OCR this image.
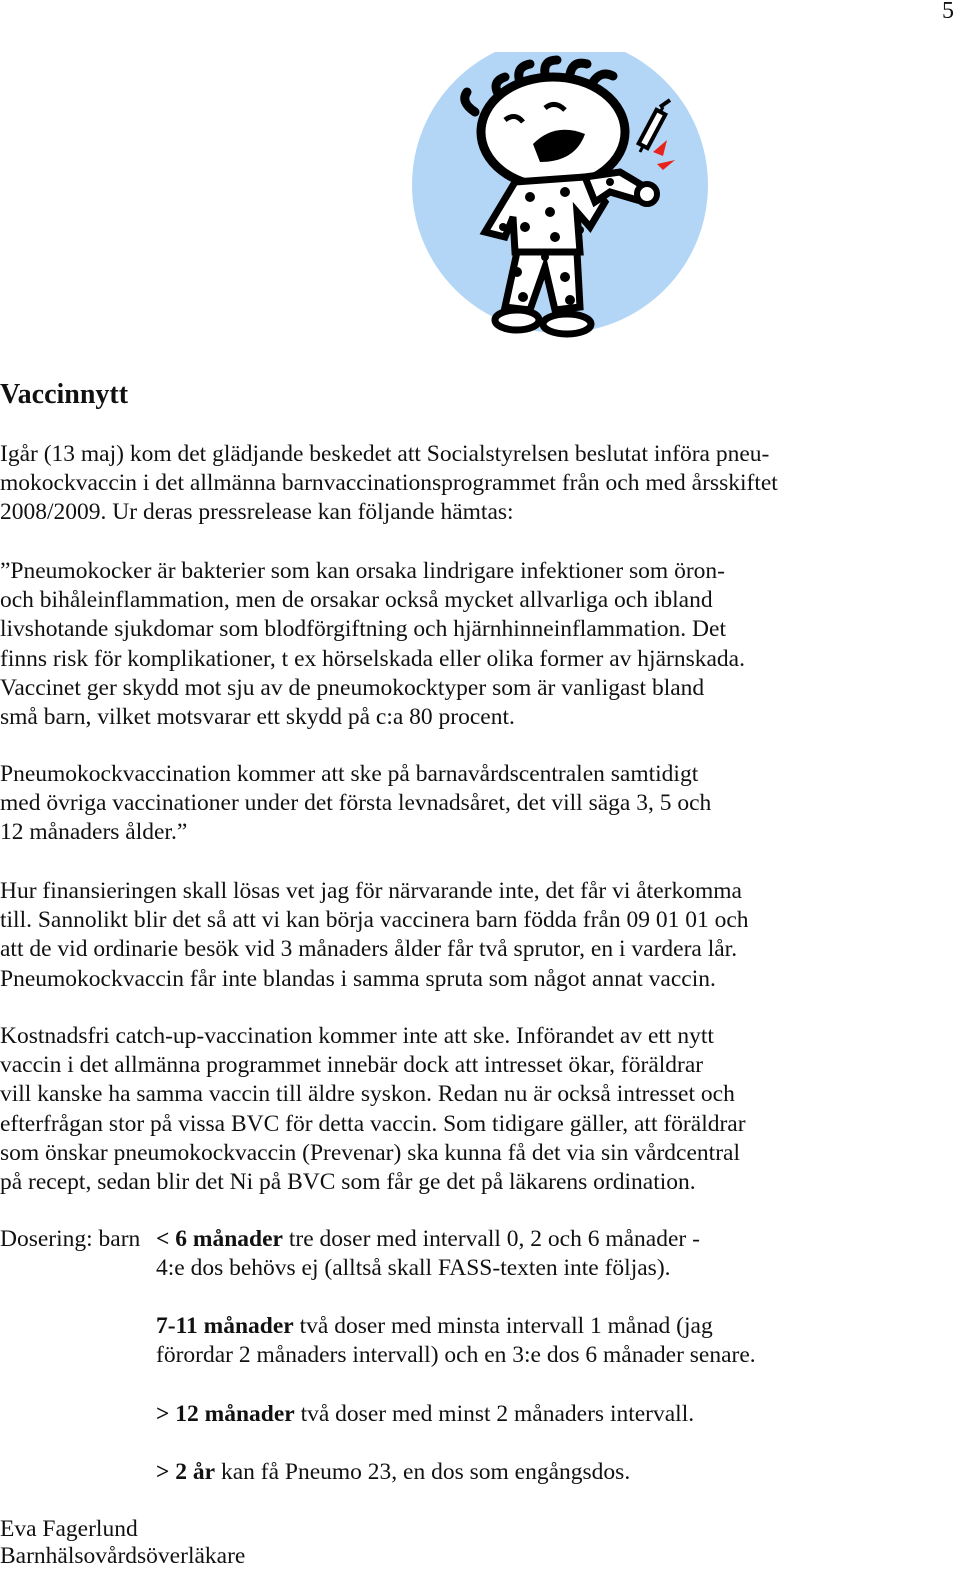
5
Vaccinnytt

Igår (13 maj) kom det glädjande beskedet att Socialstyrelsen beslutat införa pneu-
mokockvaccin i det allmänna barnvaccinationsprogrammet från och med årsskiftet
2008/2009. Ur deras pressrelease kan följande hämtas:

”Pneumokocker är bakterier som kan orsaka lindrigare infektioner som öron-
och bihåleinflammation, men de orsakar också mycket allvarliga och ibland
livshotande sjukdomar som blodförgiftning och hjärnhinneinflammation. Det
finns risk för komplikationer, t ex hörselskada eller olika former av hjärnskada.
Vaccinet ger skydd mot sju av de pneumokocktyper som är vanligast bland
små barn, vilket motsvarar ett skydd på c:a 80 procent.

Pneumokockvaccination kommer att ske på barnavårdscentralen samtidigt
med övriga vaccinationer under det första levnadsåret, det vill säga 3, 5 och
12 månaders ålder.”

Hur finansieringen skall lösas vet jag för närvarande inte, det får vi återkomma
till. Sannolikt blir det så att vi kan börja vaccinera barn födda från 09 01 01 och
att de vid ordinarie besök vid 3 månaders ålder får två sprutor, en i vardera lår.
Pneumokockvaccin får inte blandas i samma spruta som något annat vaccin.

Kostnadsfri catch-up-vaccination kommer inte att ske. Införandet av ett nytt
vaccin i det allmänna programmet innebär dock att intresset ökar, föräldrar
vill kanske ha samma vaccin till äldre syskon. Redan nu är också intresset och
efterfrågan stor på vissa BVC för detta vaccin. Som tidigare gäller, att föräldrar
som önskar pneumokockvaccin (Prevenar) ska kunna få det via sin vårdcentral
på recept, sedan blir det Ni på BVC som får ge det på läkarens ordination.

Dosering: barn < 6 månader tre doser med intervall 0, 2 och 6 månader -
4:e dos behövs ej (alltså skall FASS-texten inte följas).
7-11 månader två doser med minsta intervall 1 månad (jag
förordar 2 månaders intervall) och en 3:e dos 6 månader senare.
> 12 månader två doser med minst 2 månaders intervall.
> 2 år kan få Pneumo 23, en dos som engångsdos.
Eva Fagerlund
Barnhälsovårdsöverläkare
